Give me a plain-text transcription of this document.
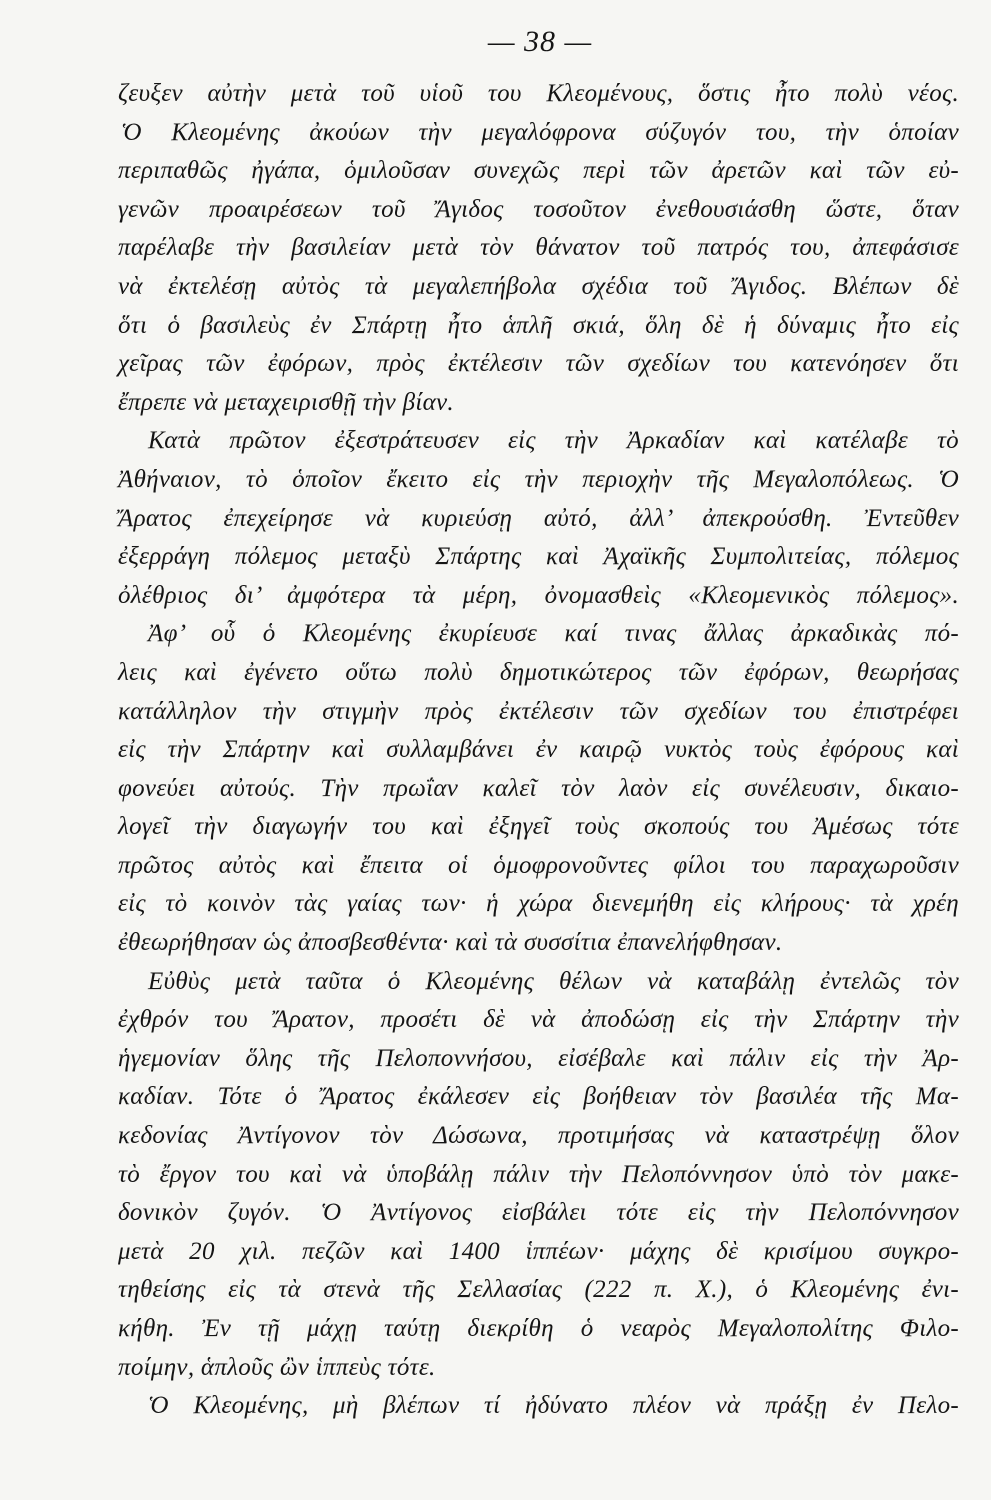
— 38 —
ζευξεν αὐτὴν μετὰ τοῦ υἱοῦ του Κλεομένους, ὅστις ἦτο πολὺ νέος.
Ὁ Κλεομένης ἀκούων τὴν μεγαλόφρονα σύζυγόν του, τὴν ὁποίαν
περιπαθῶς ἠγάπα, ὁμιλοῦσαν συνεχῶς περὶ τῶν ἀρετῶν καὶ τῶν εὐ-
γενῶν προαιρέσεων τοῦ Ἄγιδος τοσοῦτον ἐνεθουσιάσθη ὥστε, ὅταν
παρέλαβε τὴν βασιλείαν μετὰ τὸν θάνατον τοῦ πατρός του, ἀπεφάσισε
νὰ ἐκτελέσῃ αὐτὸς τὰ μεγαλεπήβολα σχέδια τοῦ Ἄγιδος. Βλέπων δὲ
ὅτι ὁ βασιλεὺς ἐν Σπάρτῃ ἦτο ἁπλῆ σκιά, ὅλη δὲ ἡ δύναμις ἦτο εἰς
χεῖρας τῶν ἐφόρων, πρὸς ἐκτέλεσιν τῶν σχεδίων του κατενόησεν ὅτι
ἔπρεπε νὰ μεταχειρισθῇ τὴν βίαν.
Κατὰ πρῶτον ἐξεστράτευσεν εἰς τὴν Ἀρκαδίαν καὶ κατέλαβε τὸ
Ἀθήναιον, τὸ ὁποῖον ἔκειτο εἰς τὴν περιοχὴν τῆς Μεγαλοπόλεως. Ὁ
Ἄρατος ἐπεχείρησε νὰ κυριεύσῃ αὐτό, ἀλλ’ ἀπεκρούσθη. Ἐντεῦθεν
ἐξερράγη πόλεμος μεταξὺ Σπάρτης καὶ Ἀχαϊκῆς Συμπολιτείας, πόλεμος
ὀλέθριος δι’ ἀμφότερα τὰ μέρη, ὀνομασθεὶς «Κλεομενικὸς πόλεμος».
Ἀφ’ οὗ ὁ Κλεομένης ἐκυρίευσε καί τινας ἄλλας ἀρκαδικὰς πό-
λεις καὶ ἐγένετο οὕτω πολὺ δημοτικώτερος τῶν ἐφόρων, θεωρήσας
κατάλληλον τὴν στιγμὴν πρὸς ἐκτέλεσιν τῶν σχεδίων του ἐπιστρέφει
εἰς τὴν Σπάρτην καὶ συλλαμβάνει ἐν καιρῷ νυκτὸς τοὺς ἐφόρους καὶ
φονεύει αὐτούς. Τὴν πρωΐαν καλεῖ τὸν λαὸν εἰς συνέλευσιν, δικαιο-
λογεῖ τὴν διαγωγήν του καὶ ἐξηγεῖ τοὺς σκοπούς του Ἀμέσως τότε
πρῶτος αὐτὸς καὶ ἔπειτα οἱ ὁμοφρονοῦντες φίλοι του παραχωροῦσιν
εἰς τὸ κοινὸν τὰς γαίας των· ἡ χώρα διενεμήθη εἰς κλήρους· τὰ χρέη
ἐθεωρήθησαν ὡς ἀποσβεσθέντα· καὶ τὰ συσσίτια ἐπανελήφθησαν.
Εὐθὺς μετὰ ταῦτα ὁ Κλεομένης θέλων νὰ καταβάλῃ ἐντελῶς τὸν
ἐχθρόν του Ἄρατον, προσέτι δὲ νὰ ἀποδώσῃ εἰς τὴν Σπάρτην τὴν
ἡγεμονίαν ὅλης τῆς Πελοποννήσου, εἰσέβαλε καὶ πάλιν εἰς τὴν Ἀρ-
καδίαν. Τότε ὁ Ἄρατος ἐκάλεσεν εἰς βοήθειαν τὸν βασιλέα τῆς Μα-
κεδονίας Ἀντίγονον τὸν Δώσωνα, προτιμήσας νὰ καταστρέψῃ ὅλον
τὸ ἔργον του καὶ νὰ ὑποβάλῃ πάλιν τὴν Πελοπόννησον ὑπὸ τὸν μακε-
δονικὸν ζυγόν. Ὁ Ἀντίγονος εἰσβάλει τότε εἰς τὴν Πελοπόννησον
μετὰ 20 χιλ. πεζῶν καὶ 1400 ἱππέων· μάχης δὲ κρισίμου συγκρο-
τηθείσης εἰς τὰ στενὰ τῆς Σελλασίας (222 π. Χ.), ὁ Κλεομένης ἐνι-
κήθη. Ἐν τῇ μάχῃ ταύτῃ διεκρίθη ὁ νεαρὸς Μεγαλοπολίτης Φιλο-
ποίμην, ἁπλοῦς ὢν ἱππεὺς τότε.
Ὁ Κλεομένης, μὴ βλέπων τί ἠδύνατο πλέον νὰ πράξῃ ἐν Πελο-
